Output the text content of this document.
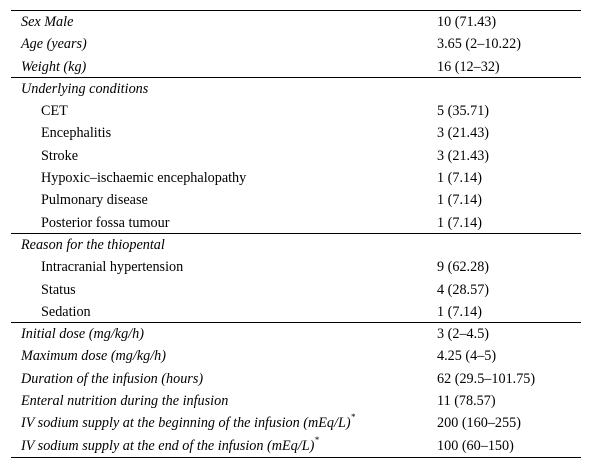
Sex Male	10 (71.43)
Age (years)	3.65 (2–10.22)
Weight (kg)	16 (12–32)
Underlying conditions
CET	5 (35.71)
Encephalitis	3 (21.43)
Stroke	3 (21.43)
Hypoxic–ischaemic encephalopathy	1 (7.14)
Pulmonary disease	1 (7.14)
Posterior fossa tumour	1 (7.14)
Reason for the thiopental
Intracranial hypertension	9 (62.28)
Status	4 (28.57)
Sedation	1 (7.14)
Initial dose (mg/kg/h)	3 (2–4.5)
Maximum dose (mg/kg/h)	4.25 (4–5)
Duration of the infusion (hours)	62 (29.5–101.75)
Enteral nutrition during the infusion	11 (78.57)
IV sodium supply at the beginning of the infusion (mEq/L)*	200 (160–255)
IV sodium supply at the end of the infusion (mEq/L)*	100 (60–150)
